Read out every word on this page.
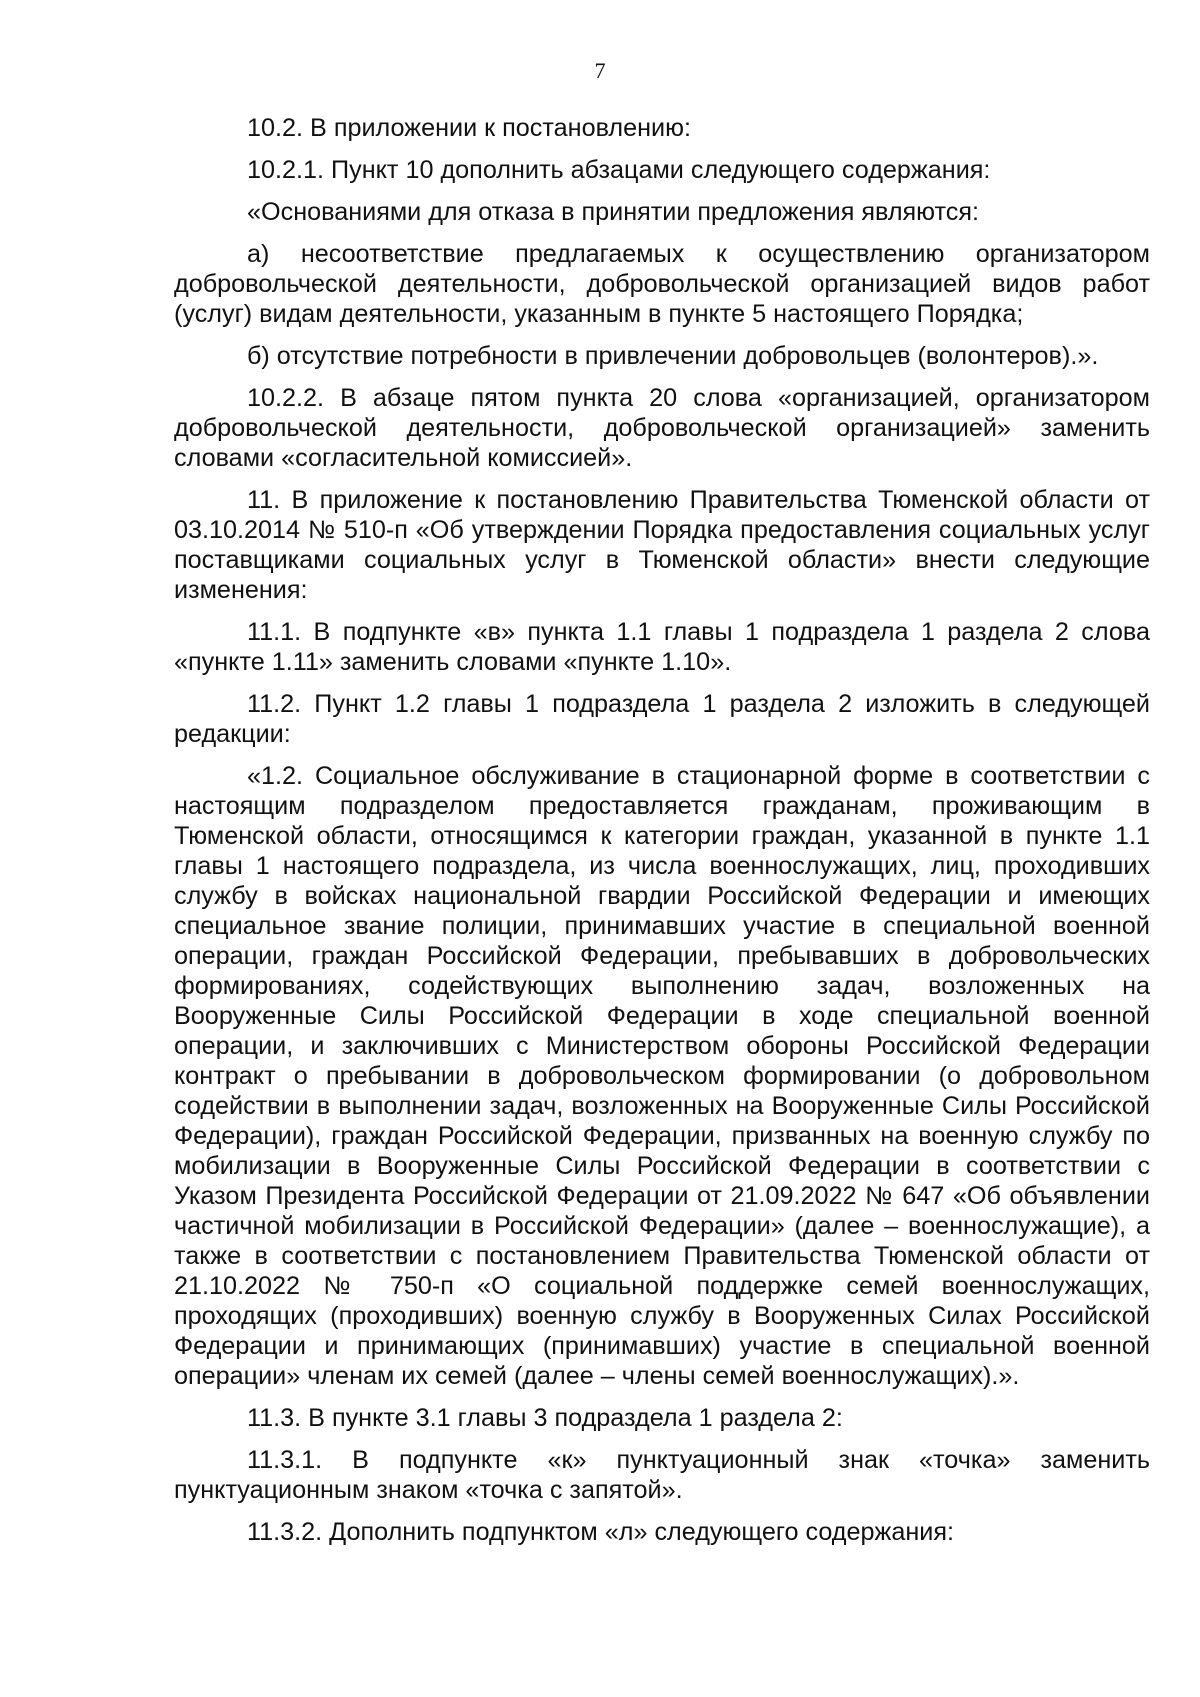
7

10.2. В приложении к постановлению:

10.2.1. Пункт 10 дополнить абзацами следующего содержания:

«Основаниями для отказа в принятии предложения являются:

а) несоответствие предлагаемых к осуществлению организатором добровольческой деятельности, добровольческой организацией видов работ (услуг) видам деятельности, указанным в пункте 5 настоящего Порядка;

б) отсутствие потребности в привлечении добровольцев (волонтеров).».

10.2.2. В абзаце пятом пункта 20 слова «организацией, организатором добровольческой деятельности, добровольческой организацией» заменить словами «согласительной комиссией».

11. В приложение к постановлению Правительства Тюменской области от 03.10.2014 № 510-п «Об утверждении Порядка предоставления социальных услуг поставщиками социальных услуг в Тюменской области» внести следующие изменения:

11.1. В подпункте «в» пункта 1.1 главы 1 подраздела 1 раздела 2 слова «пункте 1.11» заменить словами «пункте 1.10».

11.2. Пункт 1.2 главы 1 подраздела 1 раздела 2 изложить в следующей редакции:

«1.2. Социальное обслуживание в стационарной форме в соответствии с настоящим подразделом предоставляется гражданам, проживающим в Тюменской области, относящимся к категории граждан, указанной в пункте 1.1 главы 1 настоящего подраздела, из числа военнослужащих, лиц, проходивших службу в войсках национальной гвардии Российской Федерации и имеющих специальное звание полиции, принимавших участие в специальной военной операции, граждан Российской Федерации, пребывавших в добровольческих формированиях, содействующих выполнению задач, возложенных на Вооруженные Силы Российской Федерации в ходе специальной военной операции, и заключивших с Министерством обороны Российской Федерации контракт о пребывании в добровольческом формировании (о добровольном содействии в выполнении задач, возложенных на Вооруженные Силы Российской Федерации), граждан Российской Федерации, призванных на военную службу по мобилизации в Вооруженные Силы Российской Федерации в соответствии с Указом Президента Российской Федерации от 21.09.2022 № 647 «Об объявлении частичной мобилизации в Российской Федерации» (далее – военнослужащие), а также в соответствии с постановлением Правительства Тюменской области от 21.10.2022 № 750-п «О социальной поддержке семей военнослужащих, проходящих (проходивших) военную службу в Вооруженных Силах Российской Федерации и принимающих (принимавших) участие в специальной военной операции» членам их семей (далее – члены семей военнослужащих).».

11.3. В пункте 3.1 главы 3 подраздела 1 раздела 2:

11.3.1. В подпункте «к» пунктуационный знак «точка» заменить пунктуационным знаком «точка с запятой».

11.3.2. Дополнить подпунктом «л» следующего содержания:
